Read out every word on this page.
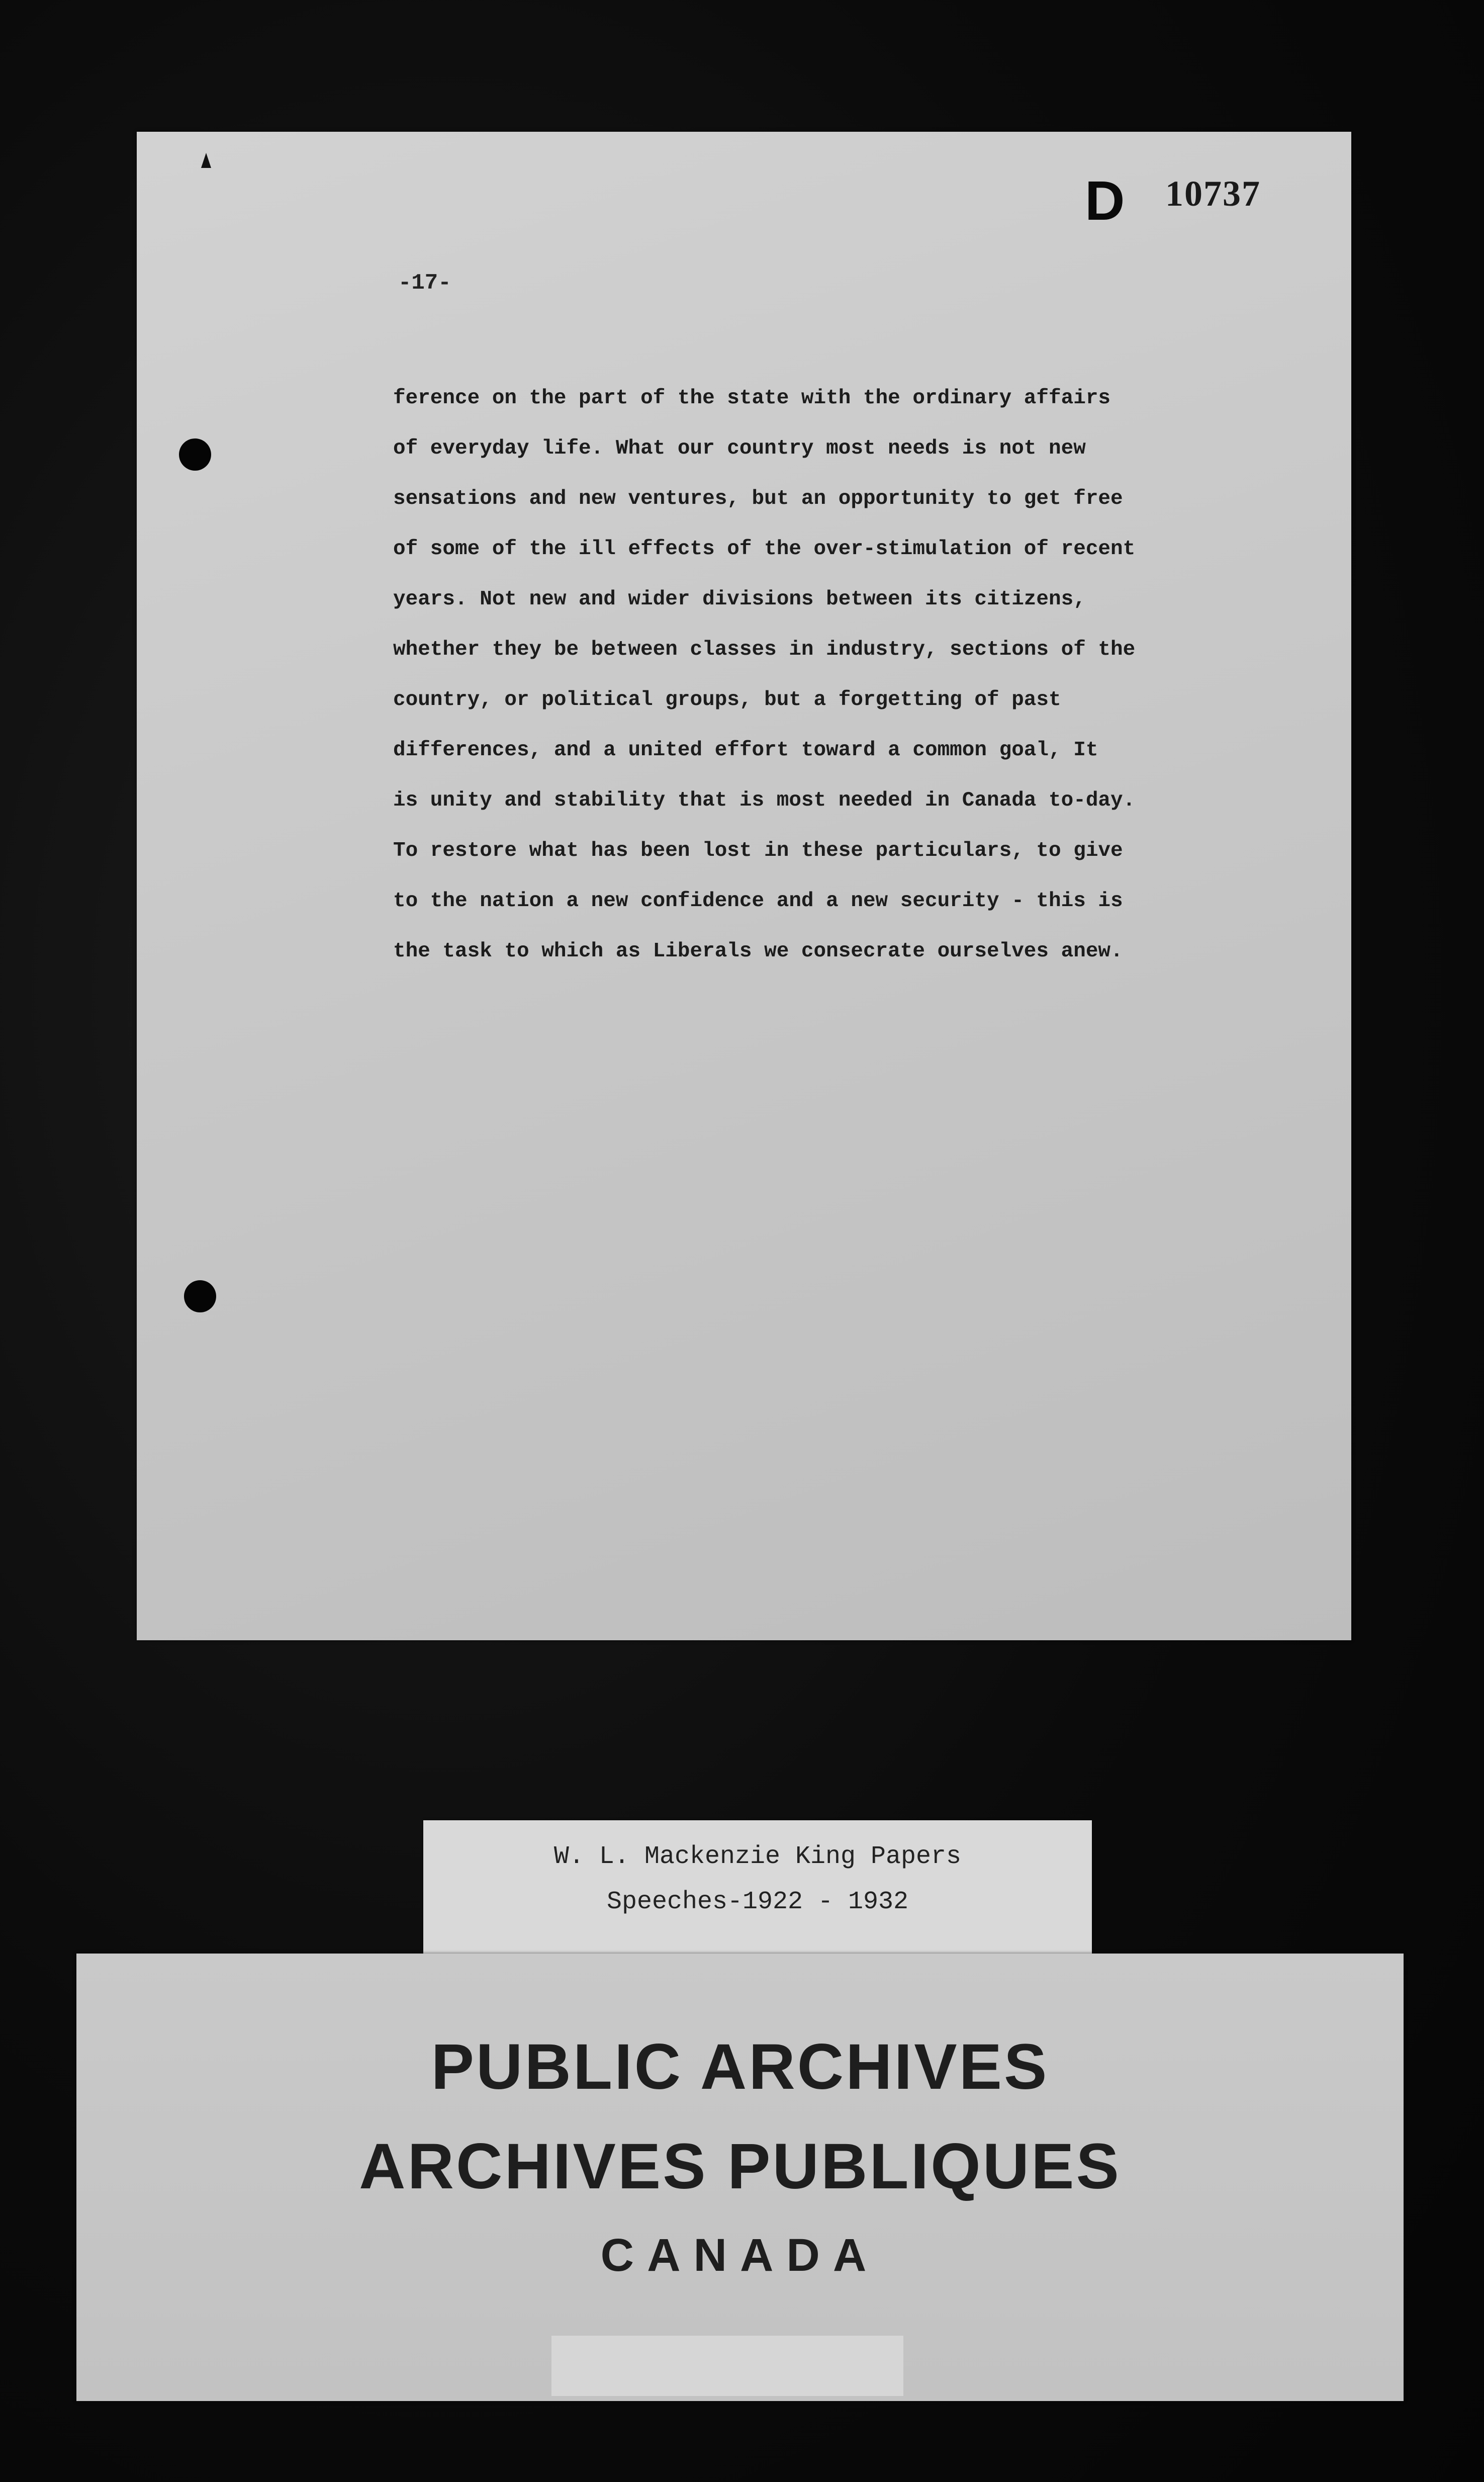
D 10737
-17-
ference on the part of the state with the ordinary affairs
of everyday life. What our country most needs is not new
sensations and new ventures, but an opportunity to get free
of some of the ill effects of the over-stimulation of recent
years. Not new and wider divisions between its citizens,
whether they be between classes in industry, sections of the
country, or political groups, but a forgetting of past
differences, and a united effort toward a common goal, It
is unity and stability that is most needed in Canada to-day.
To restore what has been lost in these particulars, to give
to the nation a new confidence and a new security - this is
the task to which as Liberals we consecrate ourselves anew.
W. L. Mackenzie King Papers
Speeches-1922 - 1932
PUBLIC ARCHIVES
ARCHIVES PUBLIQUES
CANADA
